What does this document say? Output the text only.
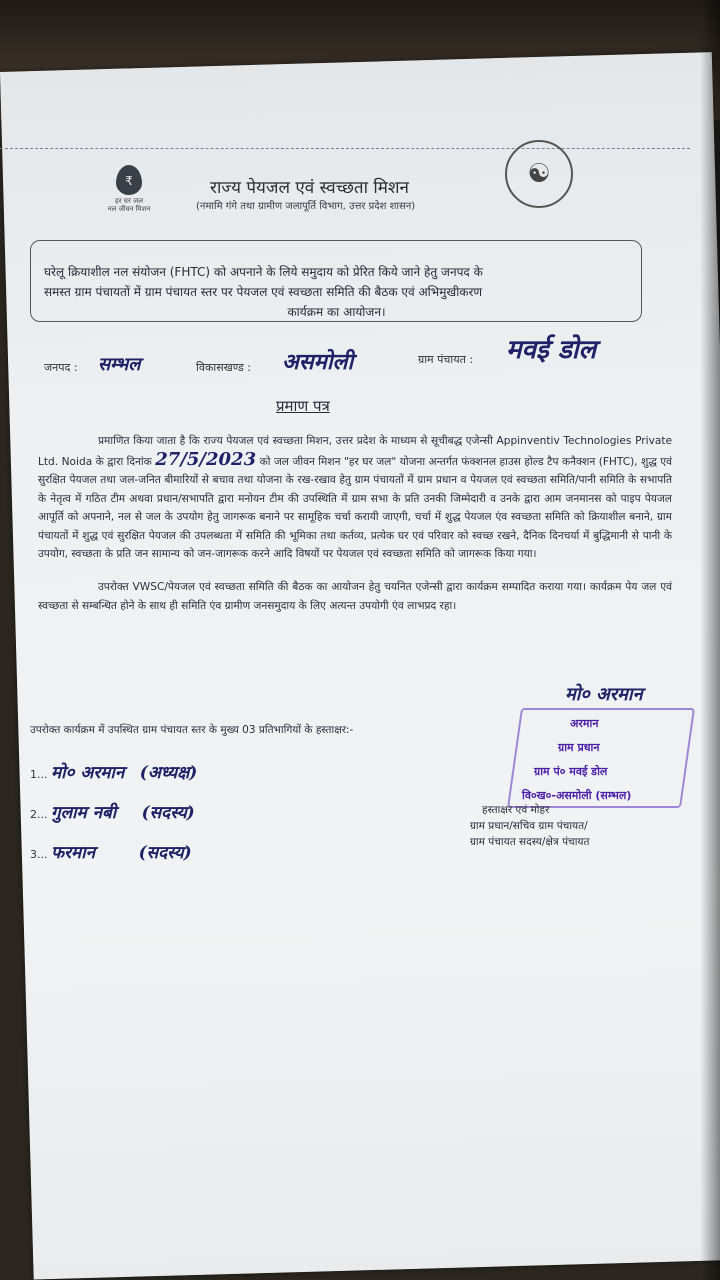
₹
हर घर जल
नल जीवन मिशन
राज्य पेयजल एवं स्वच्छता मिशन
(नमामि गंगे तथा ग्रामीण जलापूर्ति विभाग, उत्तर प्रदेश शासन)
☯
घरेलू क्रियाशील नल संयोजन (FHTC) को अपनाने के लिये समुदाय को प्रेरित किये जाने हेतु जनपद के
समस्त ग्राम पंचायतों में ग्राम पंचायत स्तर पर पेयजल एवं स्वच्छता समिति की बैठक एवं अभिमुखीकरण
कार्यक्रम का आयोजन।
जनपद : सम्भल	विकासखण्ड : असमोली	ग्राम पंचायत : मवई डोल
प्रमाण पत्र
प्रमाणित किया जाता है कि राज्य पेयजल एवं स्वच्छता मिशन, उत्तर प्रदेश के माध्यम से सूचीबद्ध एजेन्सी Appinventiv Technologies Private Ltd. Noida के द्वारा दिनांक 27/5/2023 को जल जीवन मिशन "हर घर जल" योजना अन्तर्गत फंक्शनल हाउस होल्ड टैप कनैक्शन (FHTC), शुद्ध एवं सुरक्षित पेयजल तथा जल-जनित बीमारियों से बचाव तथा योजना के रख-रखाव हेतु ग्राम पंचायतों में ग्राम प्रधान व पेयजल एवं स्वच्छता समिति/पानी समिति के सभापति के नेतृत्व में गठित टीम अथवा प्रधान/सभापति द्वारा मनोयन टीम की उपस्थिति में ग्राम सभा के प्रति उनकी जिम्मेदारी व उनके द्वारा आम जनमानस को पाइप पेयजल आपूर्ति को अपनाने, नल से जल के उपयोग हेतु जागरूक बनाने पर सामूहिक चर्चा करायी जाएगी, चर्चा में शुद्ध पेयजल एंव स्वच्छता समिति को क्रियाशील बनाने, ग्राम पंचायतों में शुद्ध एवं सुरक्षित पेयजल की उपलब्धता में समिति की भूमिका तथा कर्तव्य, प्रत्येक घर एवं परिवार को स्वच्छ रखने, दैनिक दिनचर्या में बुद्धिमानी से पानी के उपयोग, स्वच्छता के प्रति जन सामान्य को जन-जागरूक करने आदि विषयों पर पेयजल एवं स्वच्छता समिति को जागरूक किया गया।
उपरोक्त VWSC/पेयजल एवं स्वच्छता समिति की बैठक का आयोजन हेतु चयनित एजेन्सी द्वारा कार्यक्रम सम्पादित कराया गया। कार्यक्रम पेय जल एवं स्वच्छता से सम्बन्धित होने के साथ ही समिति एंव ग्रामीण जनसमुदाय के लिए अत्यन्त उपयोगी एंव लाभप्रद रहा।
उपरोक्त कार्यक्रम में उपस्थित ग्राम पंचायत स्तर के मुख्य 03 प्रतिभागियों के हस्ताक्षर:-
1... मो० अरमान (अध्यक्ष)
2... गुलाम नबी (सदस्य)
3... फरमान	(सदस्य)
मो० अरमान
अरमान
ग्राम प्रधान
ग्राम पं० मवई डोल
वि०ख०-असमोली (सम्भल)
हस्ताक्षर एवं मोहर
ग्राम प्रधान/सचिव ग्राम पंचायत/
ग्राम पंचायत सदस्य/क्षेत्र पंचायत
